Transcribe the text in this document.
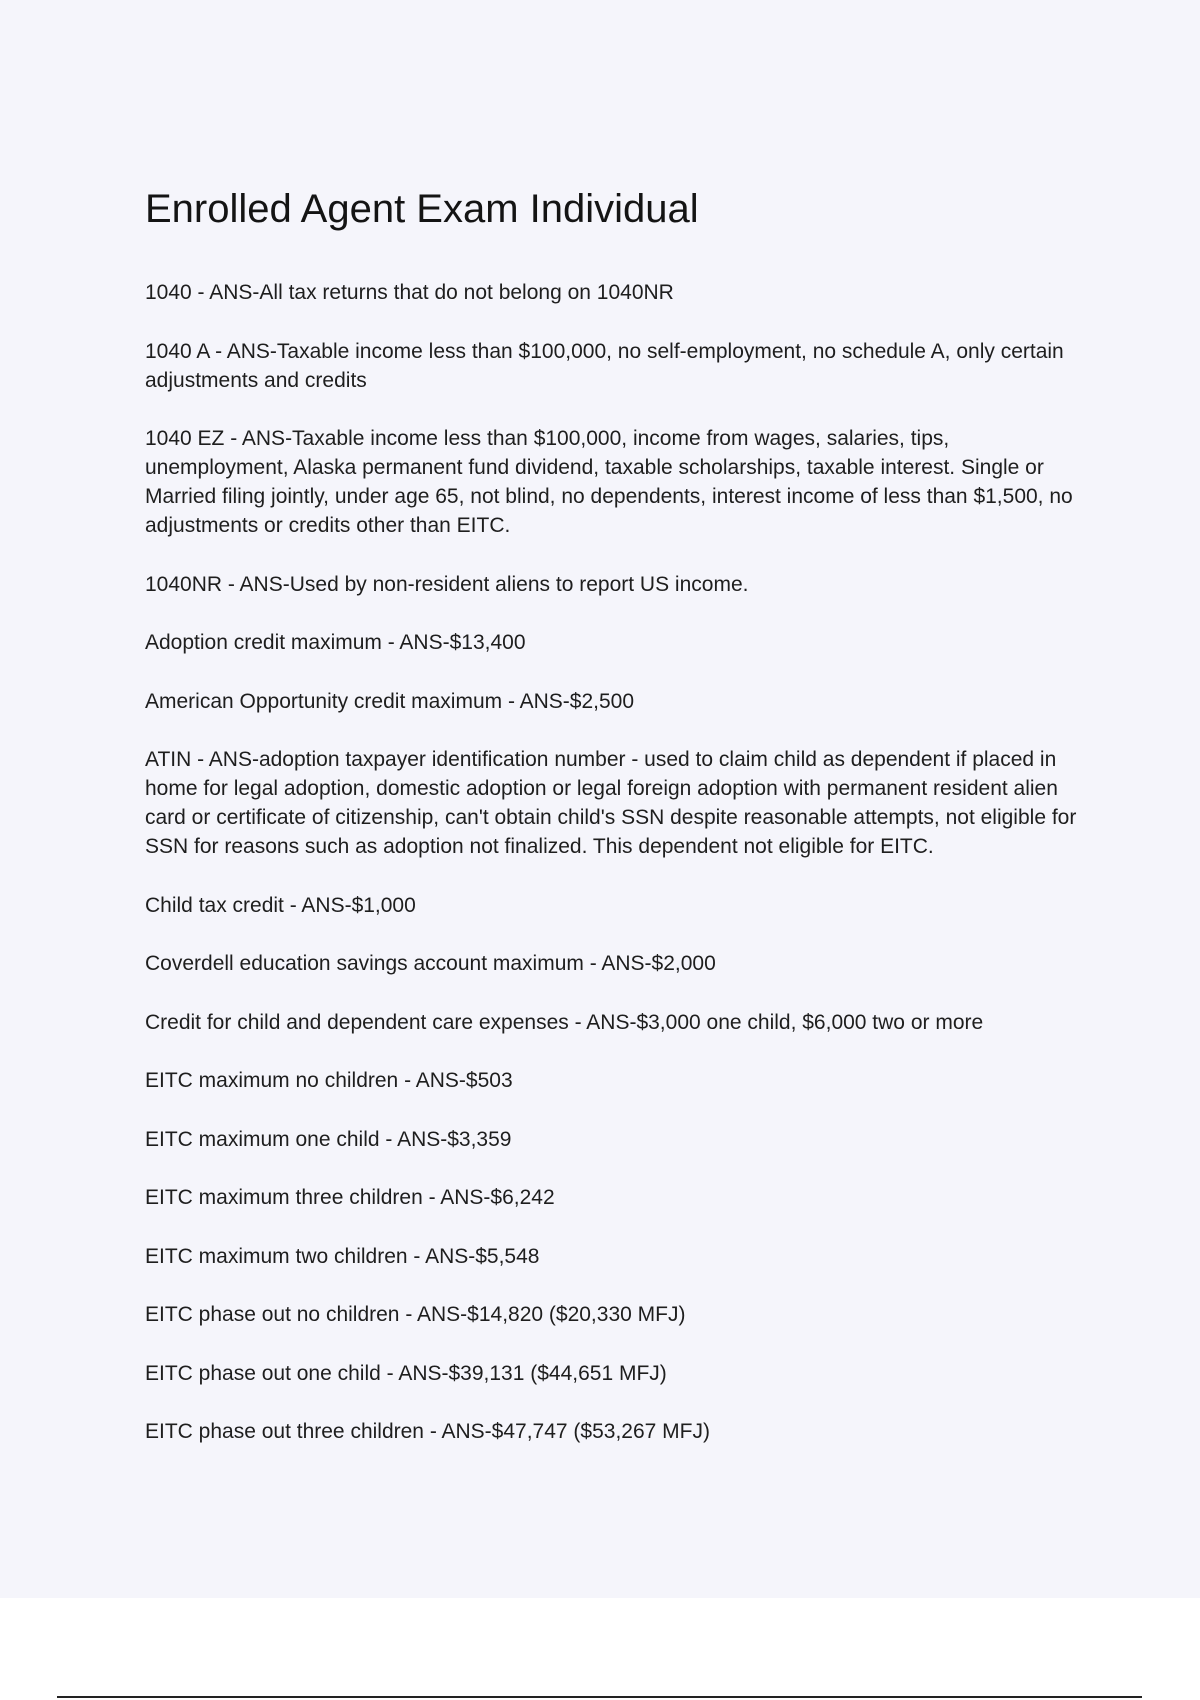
Enrolled Agent Exam Individual
1040 - ANS-All tax returns that do not belong on 1040NR
1040 A - ANS-Taxable income less than $100,000, no self-employment, no schedule A, only certain adjustments and credits
1040 EZ - ANS-Taxable income less than $100,000, income from wages, salaries, tips, unemployment, Alaska permanent fund dividend, taxable scholarships, taxable interest. Single or Married filing jointly, under age 65, not blind, no dependents, interest income of less than $1,500, no adjustments or credits other than EITC.
1040NR - ANS-Used by non-resident aliens to report US income.
Adoption credit maximum - ANS-$13,400
American Opportunity credit maximum - ANS-$2,500
ATIN - ANS-adoption taxpayer identification number - used to claim child as dependent if placed in home for legal adoption, domestic adoption or legal foreign adoption with permanent resident alien card or certificate of citizenship, can't obtain child's SSN despite reasonable attempts, not eligible for SSN for reasons such as adoption not finalized. This dependent not eligible for EITC.
Child tax credit - ANS-$1,000
Coverdell education savings account maximum - ANS-$2,000
Credit for child and dependent care expenses - ANS-$3,000 one child, $6,000 two or more
EITC maximum no children - ANS-$503
EITC maximum one child - ANS-$3,359
EITC maximum three children - ANS-$6,242
EITC maximum two children - ANS-$5,548
EITC phase out no children - ANS-$14,820 ($20,330 MFJ)
EITC phase out one child - ANS-$39,131 ($44,651 MFJ)
EITC phase out three children - ANS-$47,747 ($53,267 MFJ)
